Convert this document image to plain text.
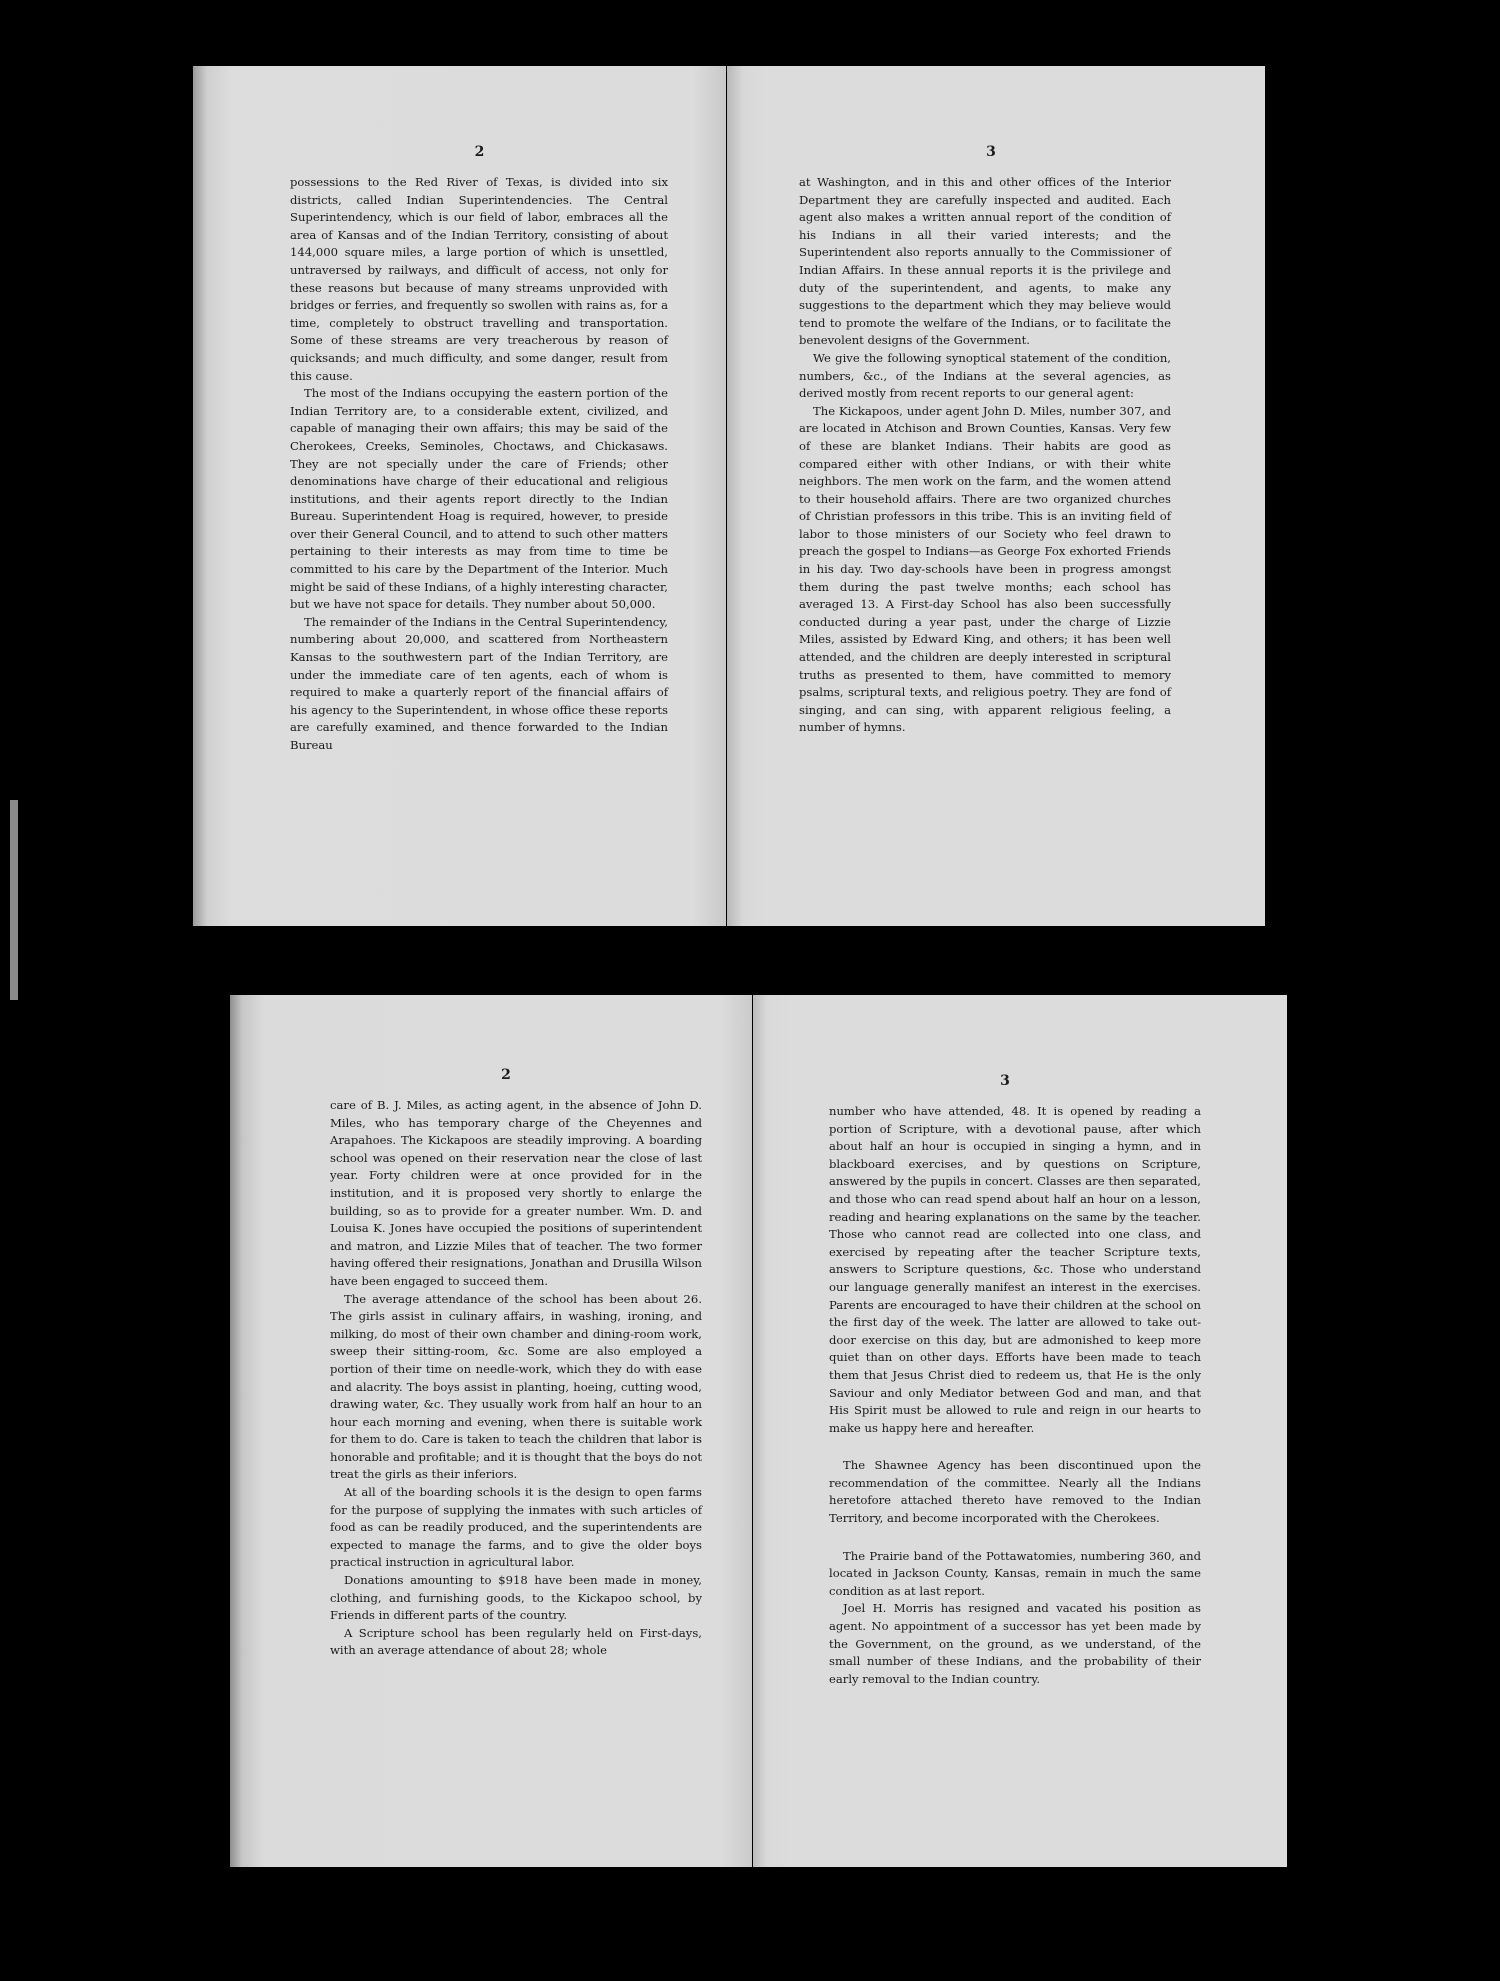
2

possessions to the Red River of Texas, is divided into six districts, called Indian Superintendencies. The Central Superintendency, which is our field of labor, embraces all the area of Kansas and of the Indian Territory, consisting of about 144,000 square miles, a large portion of which is unsettled, untraversed by railways, and difficult of access, not only for these reasons but because of many streams unprovided with bridges or ferries, and frequently so swollen with rains as, for a time, completely to obstruct travelling and transportation. Some of these streams are very treacherous by reason of quicksands; and much difficulty, and some danger, result from this cause.

The most of the Indians occupying the eastern portion of the Indian Territory are, to a considerable extent, civilized, and capable of managing their own affairs; this may be said of the Cherokees, Creeks, Seminoles, Choctaws, and Chickasaws. They are not specially under the care of Friends; other denominations have charge of their educational and religious institutions, and their agents report directly to the Indian Bureau. Superintendent Hoag is required, however, to preside over their General Council, and to attend to such other matters pertaining to their interests as may from time to time be committed to his care by the Department of the Interior. Much might be said of these Indians, of a highly interesting character, but we have not space for details. They number about 50,000.

The remainder of the Indians in the Central Superintendency, numbering about 20,000, and scattered from Northeastern Kansas to the southwestern part of the Indian Territory, are under the immediate care of ten agents, each of whom is required to make a quarterly report of the financial affairs of his agency to the Superintendent, in whose office these reports are carefully examined, and thence forwarded to the Indian Bureau

3

at Washington, and in this and other offices of the Interior Department they are carefully inspected and audited. Each agent also makes a written annual report of the condition of his Indians in all their varied interests; and the Superintendent also reports annually to the Commissioner of Indian Affairs. In these annual reports it is the privilege and duty of the superintendent, and agents, to make any suggestions to the department which they may believe would tend to promote the welfare of the Indians, or to facilitate the benevolent designs of the Government.

We give the following synoptical statement of the condition, numbers, &c., of the Indians at the several agencies, as derived mostly from recent reports to our general agent:

The Kickapoos, under agent John D. Miles, number 307, and are located in Atchison and Brown Counties, Kansas. Very few of these are blanket Indians. Their habits are good as compared either with other Indians, or with their white neighbors. The men work on the farm, and the women attend to their household affairs. There are two organized churches of Christian professors in this tribe. This is an inviting field of labor to those ministers of our Society who feel drawn to preach the gospel to Indians—as George Fox exhorted Friends in his day. Two day-schools have been in progress amongst them during the past twelve months; each school has averaged 13. A First-day School has also been successfully conducted during a year past, under the charge of Lizzie Miles, assisted by Edward King, and others; it has been well attended, and the children are deeply interested in scriptural truths as presented to them, have committed to memory psalms, scriptural texts, and religious poetry. They are fond of singing, and can sing, with apparent religious feeling, a number of hymns.

2

care of B. J. Miles, as acting agent, in the absence of John D. Miles, who has temporary charge of the Cheyennes and Arapahoes. The Kickapoos are steadily improving. A boarding school was opened on their reservation near the close of last year. Forty children were at once provided for in the institution, and it is proposed very shortly to enlarge the building, so as to provide for a greater number. Wm. D. and Louisa K. Jones have occupied the positions of superintendent and matron, and Lizzie Miles that of teacher. The two former having offered their resignations, Jonathan and Drusilla Wilson have been engaged to succeed them.

The average attendance of the school has been about 26. The girls assist in culinary affairs, in washing, ironing, and milking, do most of their own chamber and dining-room work, sweep their sitting-room, &c. Some are also employed a portion of their time on needle-work, which they do with ease and alacrity. The boys assist in planting, hoeing, cutting wood, drawing water, &c. They usually work from half an hour to an hour each morning and evening, when there is suitable work for them to do. Care is taken to teach the children that labor is honorable and profitable; and it is thought that the boys do not treat the girls as their inferiors.

At all of the boarding schools it is the design to open farms for the purpose of supplying the inmates with such articles of food as can be readily produced, and the superintendents are expected to manage the farms, and to give the older boys practical instruction in agricultural labor.

Donations amounting to $918 have been made in money, clothing, and furnishing goods, to the Kickapoo school, by Friends in different parts of the country.

A Scripture school has been regularly held on First-days, with an average attendance of about 28; whole

3

number who have attended, 48. It is opened by reading a portion of Scripture, with a devotional pause, after which about half an hour is occupied in singing a hymn, and in blackboard exercises, and by questions on Scripture, answered by the pupils in concert. Classes are then separated, and those who can read spend about half an hour on a lesson, reading and hearing explanations on the same by the teacher. Those who cannot read are collected into one class, and exercised by repeating after the teacher Scripture texts, answers to Scripture questions, &c. Those who understand our language generally manifest an interest in the exercises. Parents are encouraged to have their children at the school on the first day of the week. The latter are allowed to take out-door exercise on this day, but are admonished to keep more quiet than on other days. Efforts have been made to teach them that Jesus Christ died to redeem us, that He is the only Saviour and only Mediator between God and man, and that His Spirit must be allowed to rule and reign in our hearts to make us happy here and hereafter.

The Shawnee Agency has been discontinued upon the recommendation of the committee. Nearly all the Indians heretofore attached thereto have removed to the Indian Territory, and become incorporated with the Cherokees.

The Prairie band of the Pottawatomies, numbering 360, and located in Jackson County, Kansas, remain in much the same condition as at last report.

Joel H. Morris has resigned and vacated his position as agent. No appointment of a successor has yet been made by the Government, on the ground, as we understand, of the small number of these Indians, and the probability of their early removal to the Indian country.
